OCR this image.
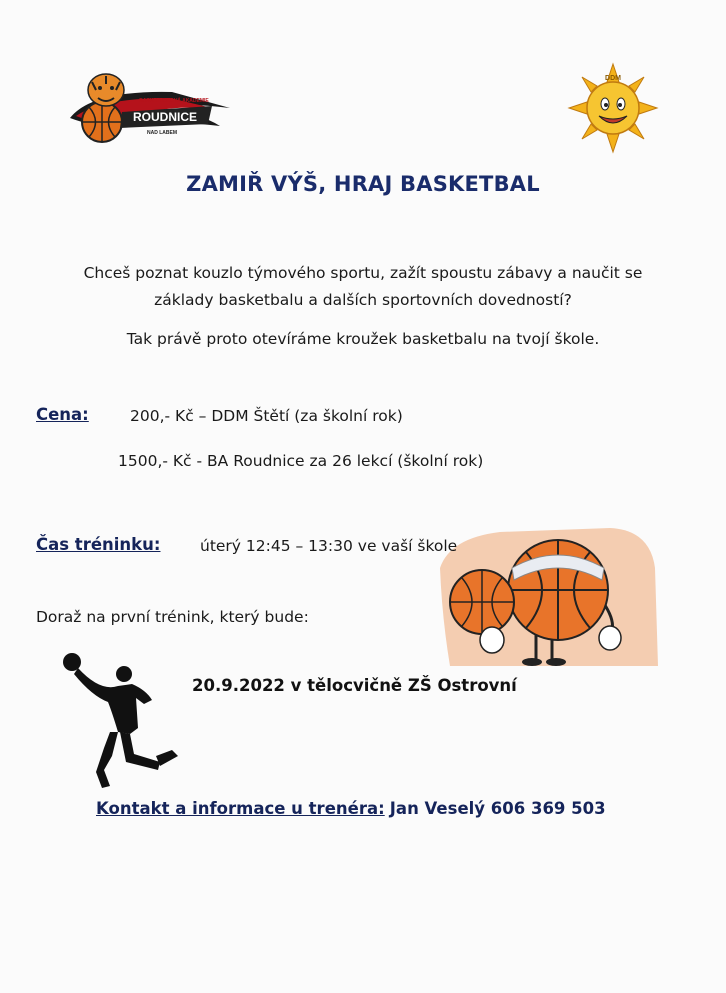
ROUDNICE
NAD LABEM
BASKETBALOVÁ AKADEMIE
DDM
ZAMIŘ VÝŠ, HRAJ BASKETBAL
Chceš poznat kouzlo týmového sportu, zažít spoustu zábavy a naučit se
základy basketbalu a dalších sportovních dovedností?
Tak právě proto otevíráme kroužek basketbalu na tvojí škole.
Cena:	200,- Kč – DDM Štětí (za školní rok)
1500,- Kč - BA Roudnice za 26 lekcí (školní rok)
Čas tréninku:	úterý 12:45 – 13:30 ve vaší škole
Doraž na první trénink, který bude:
20.9.2022 v tělocvičně ZŠ Ostrovní
Kontakt a informace u trenéra: Jan Veselý 606 369 503
